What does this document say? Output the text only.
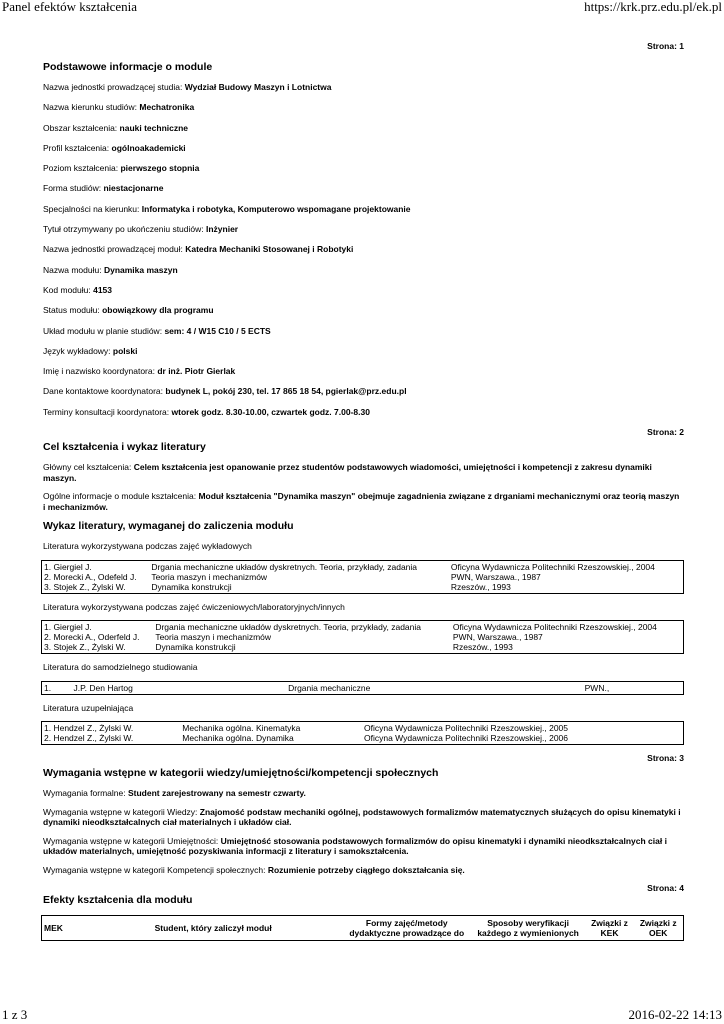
Panel efektów kształcenia	https://krk.prz.edu.pl/ek.pl
Strona: 1
Podstawowe informacje o module
Nazwa jednostki prowadzącej studia: Wydział Budowy Maszyn i Lotnictwa
Nazwa kierunku studiów: Mechatronika
Obszar kształcenia: nauki techniczne
Profil kształcenia: ogólnoakademicki
Poziom kształcenia: pierwszego stopnia
Forma studiów: niestacjonarne
Specjalności na kierunku: Informatyka i robotyka, Komputerowo wspomagane projektowanie
Tytuł otrzymywany po ukończeniu studiów: Inżynier
Nazwa jednostki prowadzącej moduł: Katedra Mechaniki Stosowanej i Robotyki
Nazwa modułu: Dynamika maszyn
Kod modułu: 4153
Status modułu: obowiązkowy dla programu
Układ modułu w planie studiów: sem: 4 / W15 C10 / 5 ECTS
Język wykładowy: polski
Imię i nazwisko koordynatora: dr inż. Piotr Gierlak
Dane kontaktowe koordynatora: budynek L, pokój 230, tel. 17 865 18 54, pgierlak@prz.edu.pl
Terminy konsultacji koordynatora: wtorek godz. 8.30-10.00, czwartek godz. 7.00-8.30
Strona: 2
Cel kształcenia i wykaz literatury
Główny cel kształcenia: Celem kształcenia jest opanowanie przez studentów podstawowych wiadomości, umiejętności i kompetencji z zakresu dynamiki maszyn.
Ogólne informacje o module kształcenia: Moduł kształcenia "Dynamika maszyn" obejmuje zagadnienia związane z drganiami mechanicznymi oraz teorią maszyn i mechanizmów.
Wykaz literatury, wymaganej do zaliczenia modułu
Literatura wykorzystywana podczas zajęć wykładowych
1. Giergiel J.	Drgania mechaniczne układów dyskretnych. Teoria, przykłady, zadania	Oficyna Wydawnicza Politechniki Rzeszowskiej., 2004
2. Morecki A., Odefeld J.	Teoria maszyn i mechanizmów	PWN, Warszawa., 1987
3. Stojek Z., Żylski W.	Dynamika konstrukcji	Rzeszów., 1993
Literatura wykorzystywana podczas zajęć ćwiczeniowych/laboratoryjnych/innych
1. Giergiel J.	Drgania mechaniczne układów dyskretnych. Teoria, przykłady, zadania	Oficyna Wydawnicza Politechniki Rzeszowskiej., 2004
2. Morecki A., Oderfeld J.	Teoria maszyn i mechanizmów	PWN, Warszawa., 1987
3. Stojek Z., Żylski W.	Dynamika konstrukcji	Rzeszów., 1993
Literatura do samodzielnego studiowania
1.	J.P. Den Hartog	Drgania mechaniczne	PWN.,
Literatura uzupełniająca
1. Hendzel Z., Żylski W.	Mechanika ogólna. Kinematyka	Oficyna Wydawnicza Politechniki Rzeszowskiej., 2005
2. Hendzel Z., Żylski W.	Mechanika ogólna. Dynamika	Oficyna Wydawnicza Politechniki Rzeszowskiej., 2006
Strona: 3
Wymagania wstępne w kategorii wiedzy/umiejętności/kompetencji społecznych
Wymagania formalne: Student zarejestrowany na semestr czwarty.
Wymagania wstępne w kategorii Wiedzy: Znajomość podstaw mechaniki ogólnej, podstawowych formalizmów matematycznych służących do opisu kinematyki i dynamiki nieodkształcalnych ciał materialnych i układów ciał.
Wymagania wstępne w kategorii Umiejętności: Umiejętność stosowania podstawowych formalizmów do opisu kinematyki i dynamiki nieodkształcalnych ciał i układów materialnych, umiejętność pozyskiwania informacji z literatury i samokształcenia.
Wymagania wstępne w kategorii Kompetencji społecznych: Rozumienie potrzeby ciągłego dokształcania się.
Strona: 4
Efekty kształcenia dla modułu
MEK	Student, który zaliczył moduł	Formy zajęć/metody dydaktyczne prowadzące do	Sposoby weryfikacji każdego z wymienionych	Związki z KEK	Związki z OEK
1 z 3	2016-02-22 14:13
